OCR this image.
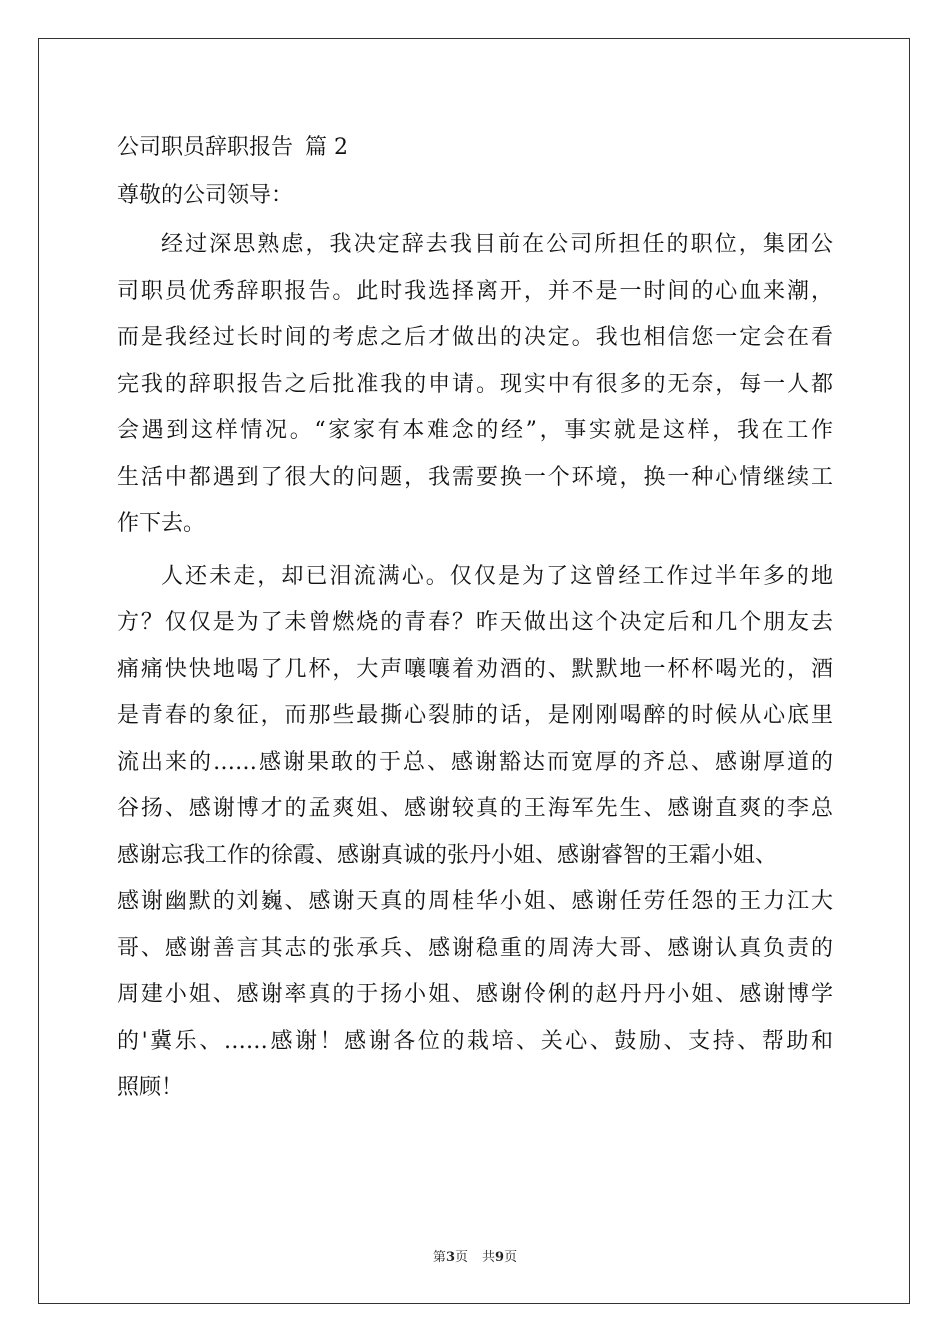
公司职员辞职报告 篇 2
尊敬的公司领导：
经过深思熟虑，我决定辞去我目前在公司所担任的职位，集团公
司职员优秀辞职报告。此时我选择离开，并不是一时间的心血来潮，
而是我经过长时间的考虑之后才做出的决定。我也相信您一定会在看
完我的辞职报告之后批准我的申请。现实中有很多的无奈，每一人都
会遇到这样情况。“家家有本难念的经”，事实就是这样，我在工作
生活中都遇到了很大的问题，我需要换一个环境，换一种心情继续工
作下去。
人还未走，却已泪流满心。仅仅是为了这曾经工作过半年多的地
方？仅仅是为了未曾燃烧的青春？昨天做出这个决定后和几个朋友去
痛痛快快地喝了几杯，大声嚷嚷着劝酒的、默默地一杯杯喝光的，酒
是青春的象征，而那些最撕心裂肺的话，是刚刚喝醉的时候从心底里
流出来的……感谢果敢的于总、感谢豁达而宽厚的齐总、感谢厚道的
谷扬、感谢博才的孟爽姐、感谢较真的王海军先生、感谢直爽的李总
感谢忘我工作的徐霞、感谢真诚的张丹小姐、感谢睿智的王霜小姐、
感谢幽默的刘巍、感谢天真的周桂华小姐、感谢任劳任怨的王力江大
哥、感谢善言其志的张承兵、感谢稳重的周涛大哥、感谢认真负责的
周建小姐、感谢率真的于扬小姐、感谢伶俐的赵丹丹小姐、感谢博学
的'冀乐、……感谢！感谢各位的栽培、关心、鼓励、支持、帮助和
照顾！
第3页 共9页
